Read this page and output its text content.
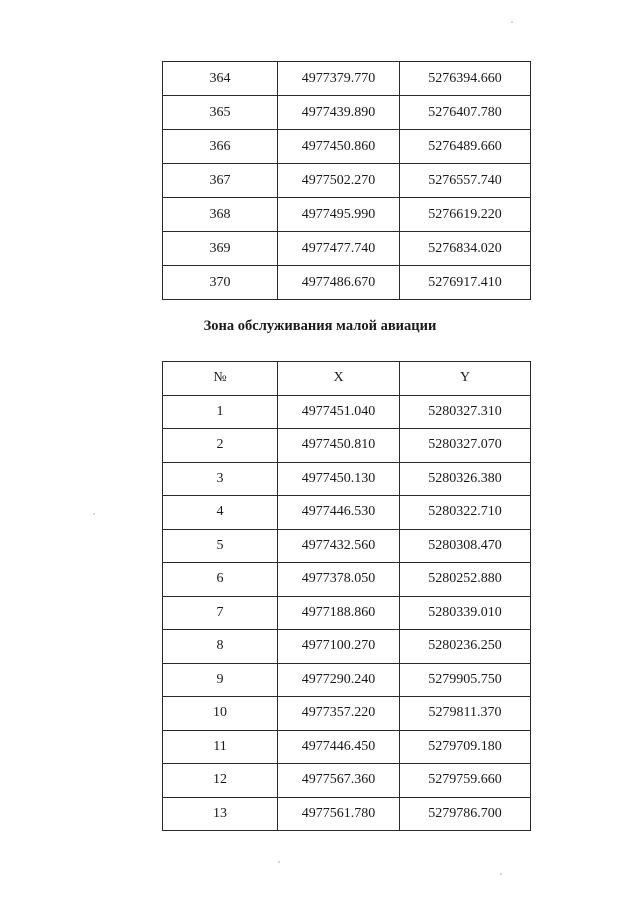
364	4977379.770	5276394.660
365	4977439.890	5276407.780
366	4977450.860	5276489.660
367	4977502.270	5276557.740
368	4977495.990	5276619.220
369	4977477.740	5276834.020
370	4977486.670	5276917.410
Зона обслуживания малой авиации
№	X	Y
1	4977451.040	5280327.310
2	4977450.810	5280327.070
3	4977450.130	5280326.380
4	4977446.530	5280322.710
5	4977432.560	5280308.470
6	4977378.050	5280252.880
7	4977188.860	5280339.010
8	4977100.270	5280236.250
9	4977290.240	5279905.750
10	4977357.220	5279811.370
11	4977446.450	5279709.180
12	4977567.360	5279759.660
13	4977561.780	5279786.700
